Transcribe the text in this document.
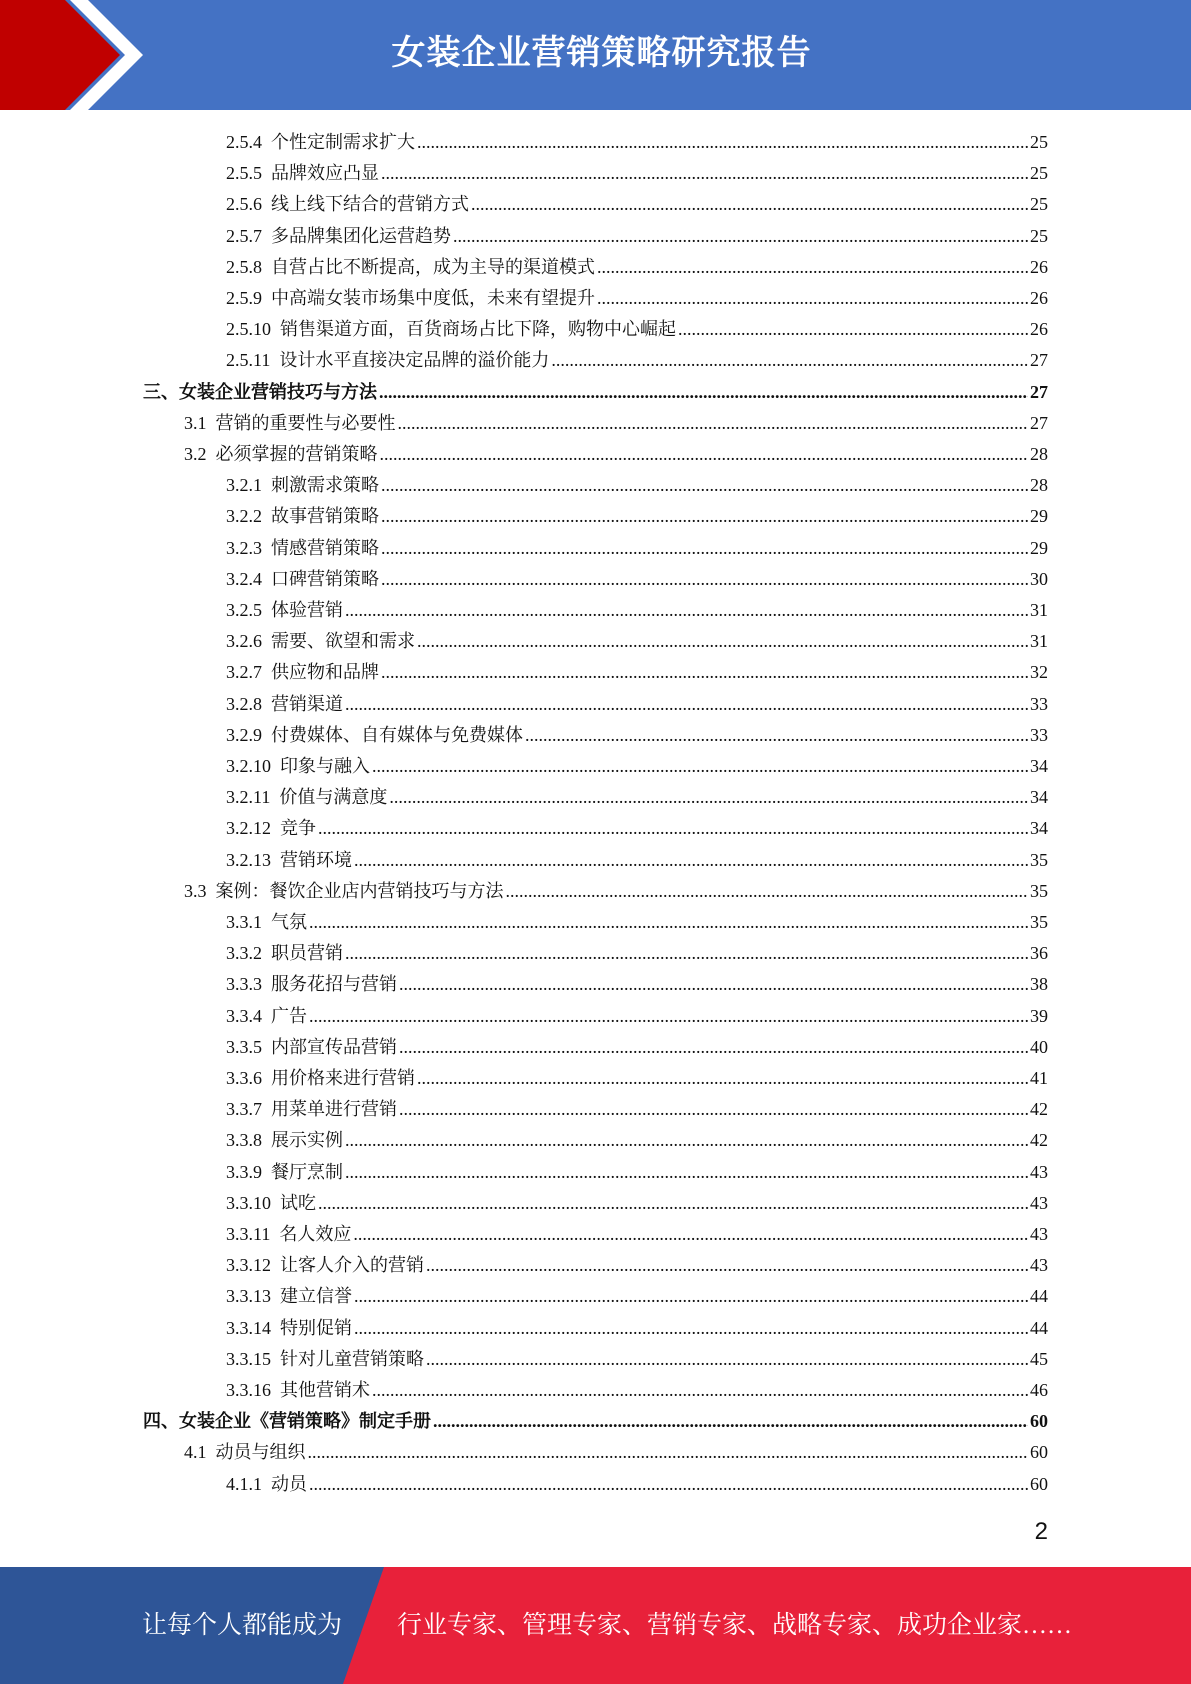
女装企业营销策略研究报告
2.5.4 个性定制需求扩大 .....	25
2.5.5 品牌效应凸显 .....	25
2.5.6 线上线下结合的营销方式 .....	25
2.5.7 多品牌集团化运营趋势 .....	25
2.5.8 自营占比不断提高，成为主导的渠道模式 .....	26
2.5.9 中高端女装市场集中度低，未来有望提升 .....	26
2.5.10 销售渠道方面，百货商场占比下降，购物中心崛起 .....	26
2.5.11 设计水平直接决定品牌的溢价能力 .....	27
三、女装企业营销技巧与方法 .....	27
3.1 营销的重要性与必要性 .....	27
3.2 必须掌握的营销策略 .....	28
3.2.1 刺激需求策略 .....	28
3.2.2 故事营销策略 .....	29
3.2.3 情感营销策略 .....	29
3.2.4 口碑营销策略 .....	30
3.2.5 体验营销 .....	31
3.2.6 需要、欲望和需求 .....	31
3.2.7 供应物和品牌 .....	32
3.2.8 营销渠道 .....	33
3.2.9 付费媒体、自有媒体与免费媒体 .....	33
3.2.10 印象与融入 .....	34
3.2.11 价值与满意度 .....	34
3.2.12 竞争 .....	34
3.2.13 营销环境 .....	35
3.3 案例：餐饮企业店内营销技巧与方法 .....	35
3.3.1 气氛 .....	35
3.3.2 职员营销 .....	36
3.3.3 服务花招与营销 .....	38
3.3.4 广告 .....	39
3.3.5 内部宣传品营销 .....	40
3.3.6 用价格来进行营销 .....	41
3.3.7 用菜单进行营销 .....	42
3.3.8 展示实例 .....	42
3.3.9 餐厅烹制 .....	43
3.3.10 试吃 .....	43
3.3.11 名人效应 .....	43
3.3.12 让客人介入的营销 .....	43
3.3.13 建立信誉 .....	44
3.3.14 特别促销 .....	44
3.3.15 针对儿童营销策略 .....	45
3.3.16 其他营销术 .....	46
四、女装企业《营销策略》制定手册 .....	60
4.1 动员与组织 .....	60
4.1.1 动员 .....	60
2
让每个人都能成为 行业专家、管理专家、营销专家、战略专家、成功企业家……
